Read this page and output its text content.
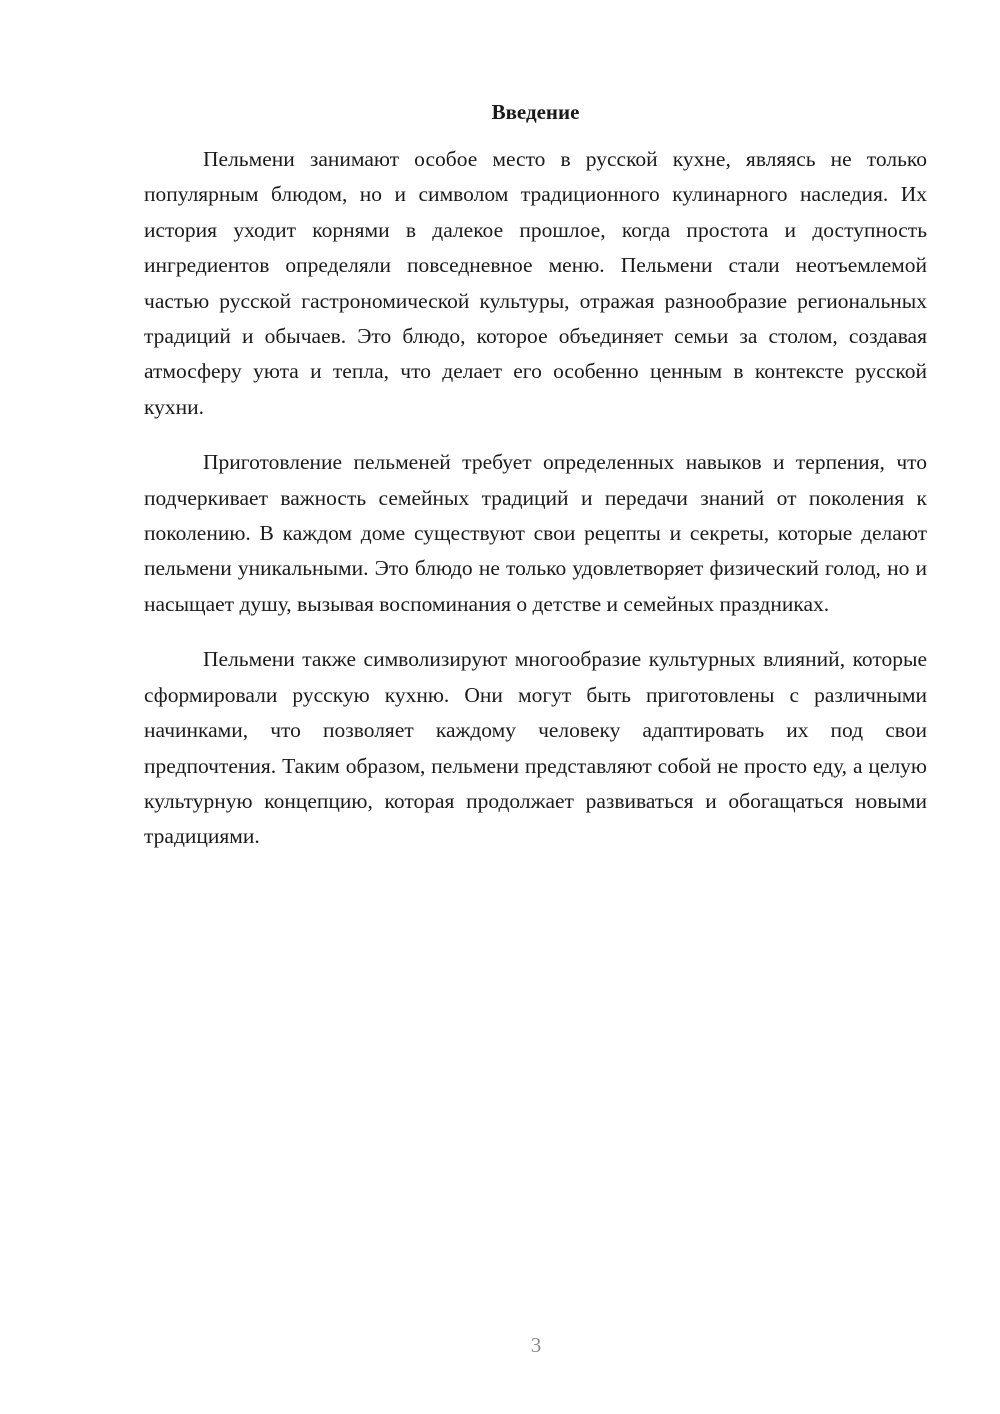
Введение

Пельмени занимают особое место в русской кухне, являясь не только популярным блюдом, но и символом традиционного кулинарного наследия. Их история уходит корнями в далекое прошлое, когда простота и доступность ингредиентов определяли повседневное меню. Пельмени стали неотъемлемой частью русской гастрономической культуры, отражая разнообразие региональных традиций и обычаев. Это блюдо, которое объединяет семьи за столом, создавая атмосферу уюта и тепла, что делает его особенно ценным в контексте русской кухни.

Приготовление пельменей требует определенных навыков и терпения, что подчеркивает важность семейных традиций и передачи знаний от поколения к поколению. В каждом доме существуют свои рецепты и секреты, которые делают пельмени уникальными. Это блюдо не только удовлетворяет физический голод, но и насыщает душу, вызывая воспоминания о детстве и семейных праздниках.

Пельмени также символизируют многообразие культурных влияний, которые сформировали русскую кухню. Они могут быть приготовлены с различными начинками, что позволяет каждому человеку адаптировать их под свои предпочтения. Таким образом, пельмени представляют собой не просто еду, а целую культурную концепцию, которая продолжает развиваться и обогащаться новыми традициями.

3
